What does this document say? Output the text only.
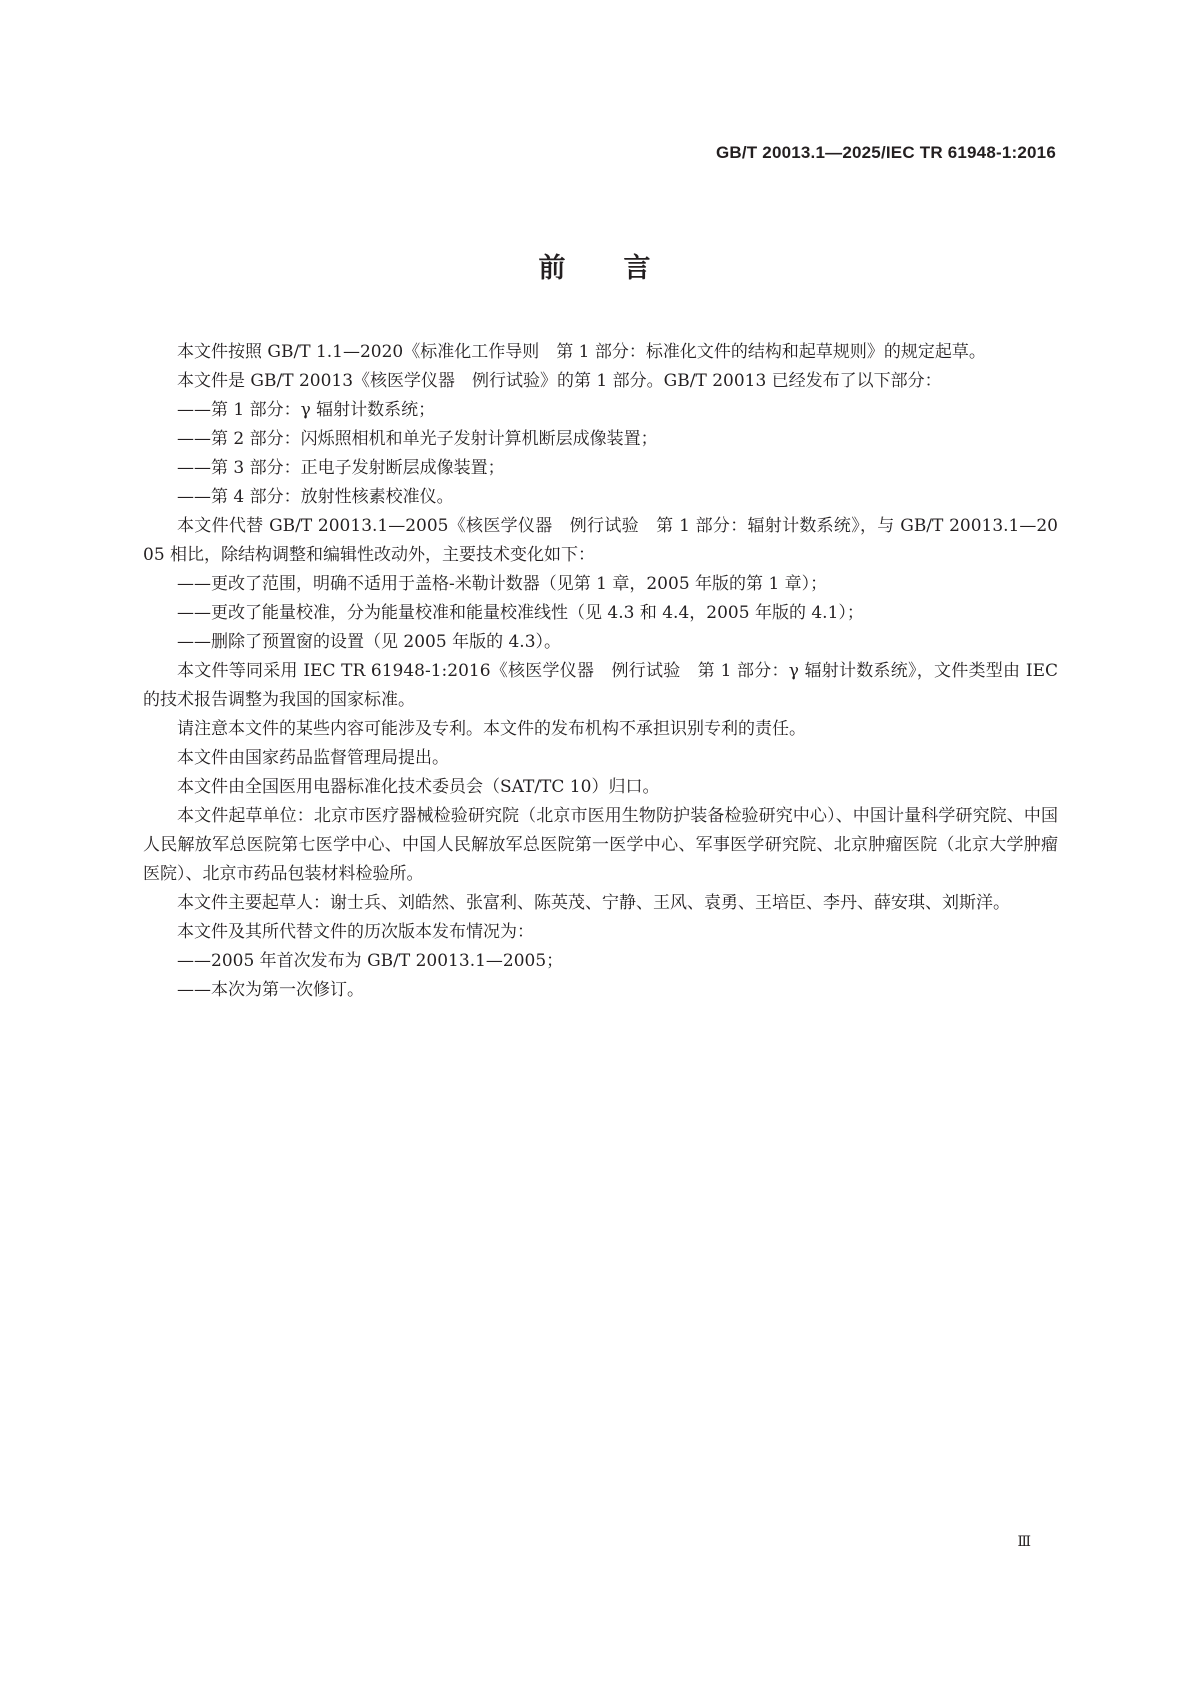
GB/T 20013.1—2025/IEC TR 61948-1:2016
前 言

本文件按照 GB/T 1.1—2020《标准化工作导则　第 1 部分：标准化文件的结构和起草规则》的规定起草。

本文件是 GB/T 20013《核医学仪器　例行试验》的第 1 部分。GB/T 20013 已经发布了以下部分：

——第 1 部分：γ 辐射计数系统；

——第 2 部分：闪烁照相机和单光子发射计算机断层成像装置；

——第 3 部分：正电子发射断层成像装置；

——第 4 部分：放射性核素校准仪。

本文件代替 GB/T 20013.1—2005《核医学仪器　例行试验　第 1 部分：辐射计数系统》，与 GB/T 20013.1—2005 相比，除结构调整和编辑性改动外，主要技术变化如下：

——更改了范围，明确不适用于盖格-米勒计数器（见第 1 章，2005 年版的第 1 章）；

——更改了能量校准，分为能量校准和能量校准线性（见 4.3 和 4.4，2005 年版的 4.1）；

——删除了预置窗的设置（见 2005 年版的 4.3）。

本文件等同采用 IEC TR 61948-1:2016《核医学仪器　例行试验　第 1 部分：γ 辐射计数系统》，文件类型由 IEC 的技术报告调整为我国的国家标准。

请注意本文件的某些内容可能涉及专利。本文件的发布机构不承担识别专利的责任。

本文件由国家药品监督管理局提出。

本文件由全国医用电器标准化技术委员会（SAT/TC 10）归口。

本文件起草单位：北京市医疗器械检验研究院（北京市医用生物防护装备检验研究中心）、中国计量科学研究院、中国人民解放军总医院第七医学中心、中国人民解放军总医院第一医学中心、军事医学研究院、北京肿瘤医院（北京大学肿瘤医院）、北京市药品包装材料检验所。

本文件主要起草人：谢士兵、刘皓然、张富利、陈英茂、宁静、王风、袁勇、王培臣、李丹、薛安琪、刘斯洋。

本文件及其所代替文件的历次版本发布情况为：

——2005 年首次发布为 GB/T 20013.1—2005；

——本次为第一次修订。

Ⅲ
